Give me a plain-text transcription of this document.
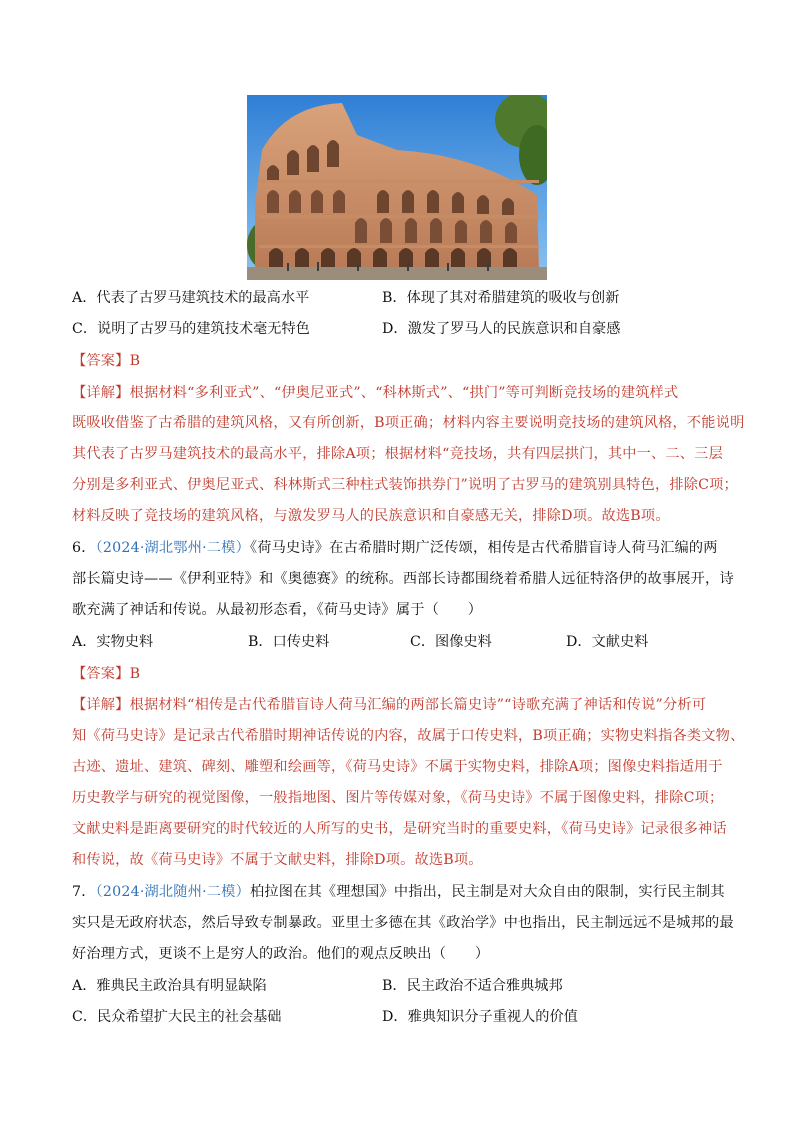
A．代表了古罗马建筑技术的最高水平	B．体现了其对希腊建筑的吸收与创新
C．说明了古罗马的建筑技术毫无特色	D．激发了罗马人的民族意识和自豪感
【答案】B
【详解】根据材料“多利亚式”、“伊奥尼亚式”、“科林斯式”、“拱门”等可判断竞技场的建筑样式
既吸收借鉴了古希腊的建筑风格，又有所创新，B项正确；材料内容主要说明竞技场的建筑风格，不能说明
其代表了古罗马建筑技术的最高水平，排除A项；根据材料“竞技场，共有四层拱门，其中一、二、三层
分别是多利亚式、伊奥尼亚式、科林斯式三种柱式装饰拱券门”说明了古罗马的建筑别具特色，排除C项；
材料反映了竞技场的建筑风格，与激发罗马人的民族意识和自豪感无关，排除D项。故选B项。
6．（2024·湖北鄂州·二模）《荷马史诗》在古希腊时期广泛传颂，相传是古代希腊盲诗人荷马汇编的两
部长篇史诗——《伊利亚特》和《奥德赛》的统称。西部长诗都围绕着希腊人远征特洛伊的故事展开，诗
歌充满了神话和传说。从最初形态看，《荷马史诗》属于（　　）
A．实物史料	B．口传史料	C．图像史料	D．文献史料
【答案】B
【详解】根据材料“相传是古代希腊盲诗人荷马汇编的两部长篇史诗”“诗歌充满了神话和传说”分析可
知《荷马史诗》是记录古代希腊时期神话传说的内容，故属于口传史料，B项正确；实物史料指各类文物、
古迹、遗址、建筑、碑刻、雕塑和绘画等，《荷马史诗》不属于实物史料，排除A项；图像史料指适用于
历史教学与研究的视觉图像，一般指地图、图片等传媒对象，《荷马史诗》不属于图像史料，排除C项；
文献史料是距离要研究的时代较近的人所写的史书，是研究当时的重要史料，《荷马史诗》记录很多神话
和传说，故《荷马史诗》不属于文献史料，排除D项。故选B项。
7．（2024·湖北随州·二模）柏拉图在其《理想国》中指出，民主制是对大众自由的限制，实行民主制其
实只是无政府状态，然后导致专制暴政。亚里士多德在其《政治学》中也指出，民主制远远不是城邦的最
好治理方式，更谈不上是穷人的政治。他们的观点反映出（　　）
A．雅典民主政治具有明显缺陷	B．民主政治不适合雅典城邦
C．民众希望扩大民主的社会基础	D．雅典知识分子重视人的价值
